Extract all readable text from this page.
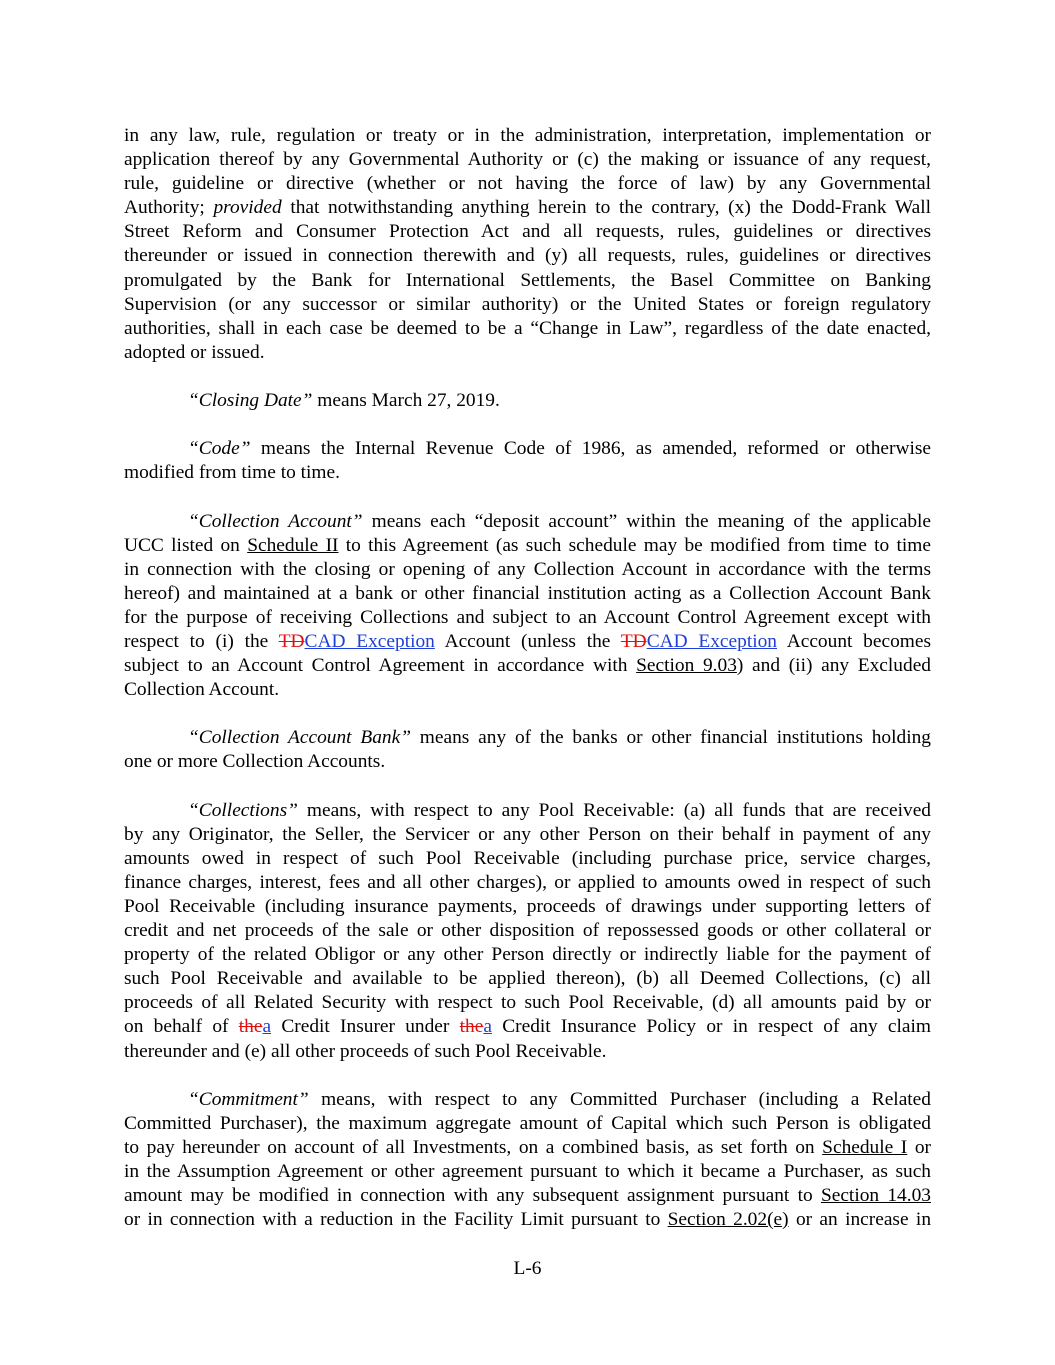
in any law, rule, regulation or treaty or in the administration, interpretation, implementation or
application thereof by any Governmental Authority or (c) the making or issuance of any request,
rule, guideline or directive (whether or not having the force of law) by any Governmental
Authority; provided that notwithstanding anything herein to the contrary, (x) the Dodd-Frank Wall
Street Reform and Consumer Protection Act and all requests, rules, guidelines or directives
thereunder or issued in connection therewith and (y) all requests, rules, guidelines or directives
promulgated by the Bank for International Settlements, the Basel Committee on Banking
Supervision (or any successor or similar authority) or the United States or foreign regulatory
authorities, shall in each case be deemed to be a “Change in Law”, regardless of the date enacted,
adopted or issued.
“Closing Date” means March 27, 2019.
“Code” means the Internal Revenue Code of 1986, as amended, reformed or otherwise
modified from time to time.
“Collection Account” means each “deposit account” within the meaning of the applicable
UCC listed on Schedule II to this Agreement (as such schedule may be modified from time to time
in connection with the closing or opening of any Collection Account in accordance with the terms
hereof) and maintained at a bank or other financial institution acting as a Collection Account Bank
for the purpose of receiving Collections and subject to an Account Control Agreement except with
respect to (i) the TDCAD Exception Account (unless the TDCAD Exception Account becomes
subject to an Account Control Agreement in accordance with Section 9.03) and (ii) any Excluded
Collection Account.
“Collection Account Bank” means any of the banks or other financial institutions holding
one or more Collection Accounts.
“Collections” means, with respect to any Pool Receivable: (a) all funds that are received
by any Originator, the Seller, the Servicer or any other Person on their behalf in payment of any
amounts owed in respect of such Pool Receivable (including purchase price, service charges,
finance charges, interest, fees and all other charges), or applied to amounts owed in respect of such
Pool Receivable (including insurance payments, proceeds of drawings under supporting letters of
credit and net proceeds of the sale or other disposition of repossessed goods or other collateral or
property of the related Obligor or any other Person directly or indirectly liable for the payment of
such Pool Receivable and available to be applied thereon), (b) all Deemed Collections, (c) all
proceeds of all Related Security with respect to such Pool Receivable, (d) all amounts paid by or
on behalf of thea Credit Insurer under thea Credit Insurance Policy or in respect of any claim
thereunder and (e) all other proceeds of such Pool Receivable.
“Commitment” means, with respect to any Committed Purchaser (including a Related
Committed Purchaser), the maximum aggregate amount of Capital which such Person is obligated
to pay hereunder on account of all Investments, on a combined basis, as set forth on Schedule I or
in the Assumption Agreement or other agreement pursuant to which it became a Purchaser, as such
amount may be modified in connection with any subsequent assignment pursuant to Section 14.03
or in connection with a reduction in the Facility Limit pursuant to Section 2.02(e) or an increase in
L-6
